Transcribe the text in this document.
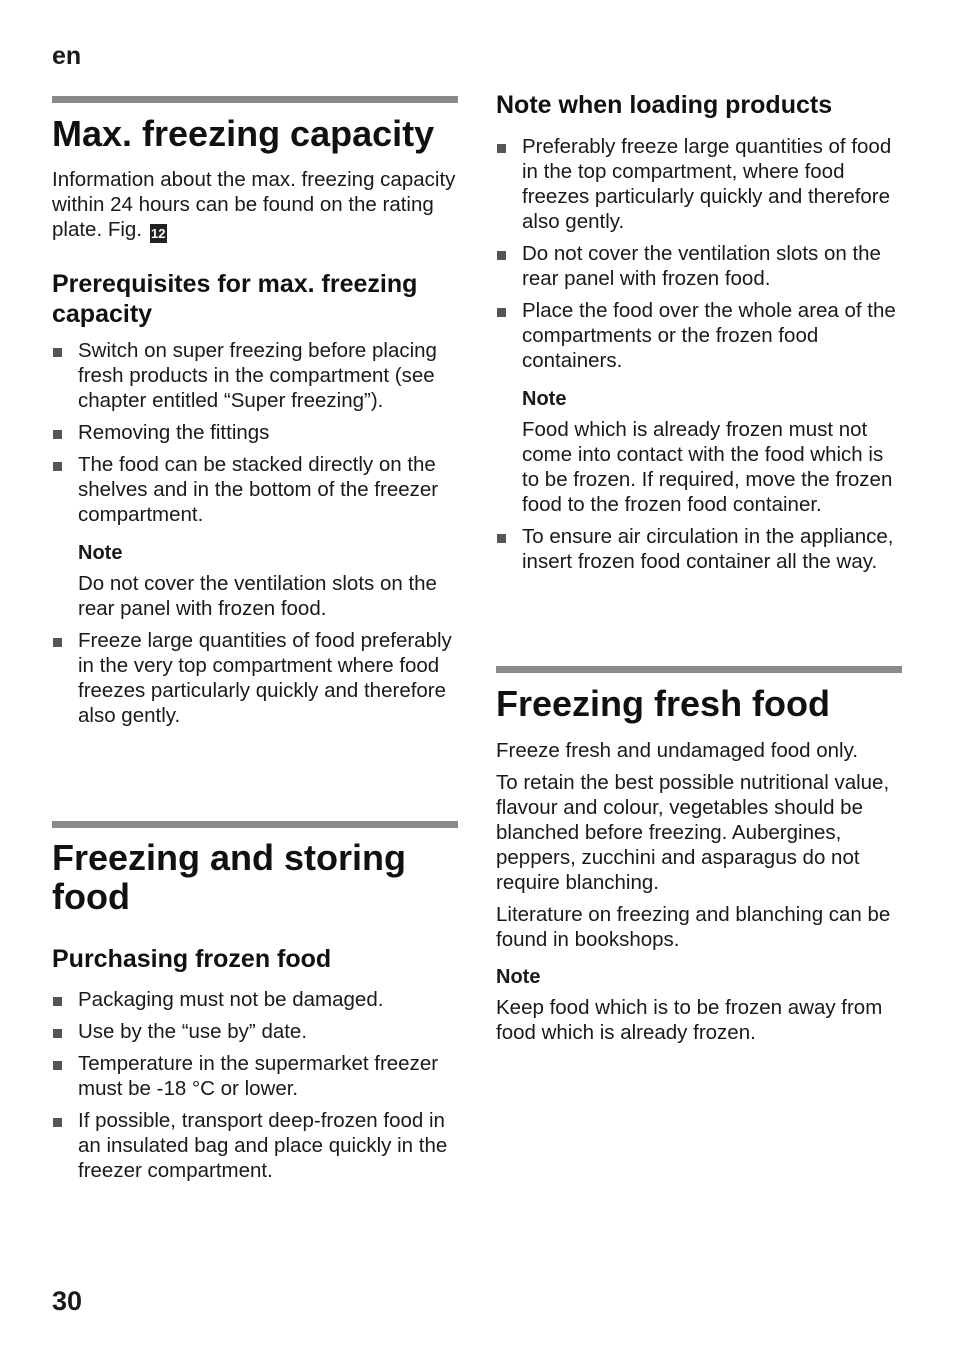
en
Max. freezing capacity

Information about the max. freezing capacity within 24 hours can be found on the rating plate. Fig. 12

Prerequisites for max. freezing capacity
Switch on super freezing before placing fresh products in the compartment (see chapter entitled “Super freezing”).
Removing the fittings
The food can be stacked directly on the shelves and in the bottom of the freezer compartment.

Note

Do not cover the ventilation slots on the rear panel with frozen food.

Freeze large quantities of food preferably in the very top compartment where food freezes particularly quickly and therefore also gently.
Freezing and storing food
Purchasing frozen food
Packaging must not be damaged.
Use by the “use by” date.
Temperature in the supermarket freezer must be -18 °C or lower.
If possible, transport deep-frozen food in an insulated bag and place quickly in the freezer compartment.
Note when loading products
Preferably freeze large quantities of food in the top compartment, where food freezes particularly quickly and therefore also gently.
Do not cover the ventilation slots on the rear panel with frozen food.
Place the food over the whole area of the compartments or the frozen food containers.

Note

Food which is already frozen must not come into contact with the food which is to be frozen. If required, move the frozen food to the frozen food container.

To ensure air circulation in the appliance, insert frozen food container all the way.
Freezing fresh food

Freeze fresh and undamaged food only.

To retain the best possible nutritional value, flavour and colour, vegetables should be blanched before freezing. Aubergines, peppers, zucchini and asparagus do not require blanching.

Literature on freezing and blanching can be found in bookshops.

Note

Keep food which is to be frozen away from food which is already frozen.

30
